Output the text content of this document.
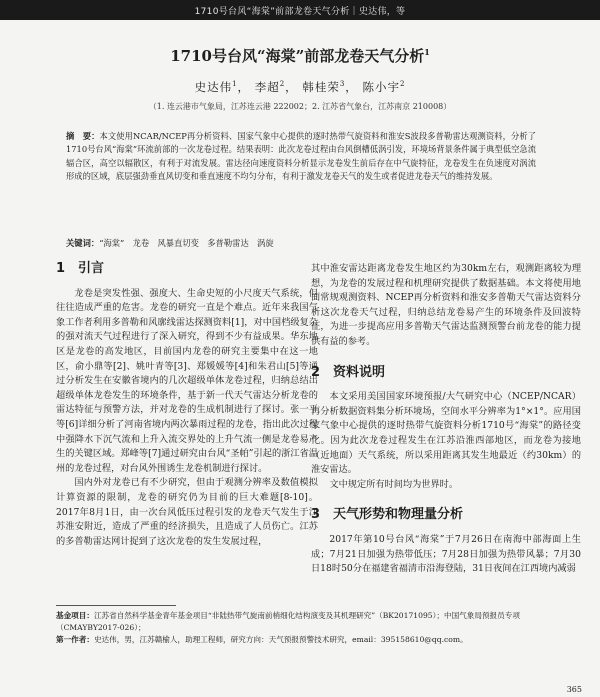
1710号台风“海棠”前部龙卷天气分析｜史达伟，等
1710号台风“海棠”前部龙卷天气分析$^1$
史达伟$^1$， 李超$^2$， 韩桂荣$^3$， 陈小宇$^2$
（1. 连云港市气象局，江苏连云港 222002；2. 江苏省气象台，江苏南京 210008）
摘　要：本文使用NCAR/NCEP再分析资料、国家气象中心提供的逐时热带气旋资料和淮安S波段多普勒雷达观测资料，分析了1710号台风“海棠”环流前部的一次龙卷过程。结果表明：此次龙卷过程由台风倒槽低涡引发，环境场背景条件属于典型低空急流辐合区，高空以辐散区，有利于对流发展。雷达径向速度资料分析显示龙卷发生前后存在中气旋特征，龙卷发生在负速度对涡流形成的区域，底层强劲垂直风切变和垂直速度不均匀分布，有利于激发龙卷天气的发生或者促进龙卷天气的维持发展。
关键词：“海棠”　龙卷　风暴直切变　多普勒雷达　涡旋
1　引言

龙卷是突发性强、强度大、生命史短的小尺度天气系统，但往往造成严重的危害。龙卷的研究一直是个难点。近年来我国气象工作者利用多普勒和风廓线雷达探测资料[1]，对中国档级复杂的强对流天气过程进行了深入研究，得到不少有益成果。华东地区是龙卷的高发地区，目前国内龙卷的研究主要集中在这一地区，俞小鼎等[2]、姚叶青等[3]、郑媛媛等[4]和朱君山[5]等通过分析发生在安徽省境内的几次超级单体龙卷过程，归纳总结出超级单体龙卷发生的环境条件，基于新一代天气雷达分析龙卷的雷达特征与预警方法，并对龙卷的生成机制进行了探讨。张一平等[6]详细分析了河南省境内两次暴雨过程的龙卷，指出此次过程中强降水下沉气流和上升入流交界处的上升气流一侧是龙卷易产生的关键区域。郑峰等[7]通过研究由台风“圣帕”引起的浙江省温州的龙卷过程，对台风外围诱生龙卷机制进行探讨。

国内外对龙卷已有不少研究，但由于观测分辨率及数值模拟计算资源的限制，龙卷的研究仍为目前的巨大难题[8-10]。2017年8月1日，由一次台风低压过程引发的龙卷天气发生于江苏淮安附近，造成了严重的经济损失，且造成了人员伤亡。江苏的多普勒雷达网计捉到了这次龙卷的发生发展过程，

其中淮安雷达距离龙卷发生地区约为30km左右，观测距离较为理想，为龙卷的发展过程和机理研究提供了数据基础。本文将使用地面常规观测资料、NCEP再分析资料和淮安多普勒天气雷达资料分析这次龙卷天气过程，归纳总结龙卷易产生的环境条件及回波特征，为进一步提高应用多普勒天气雷达监测预警台前龙卷的能力提供有益的参考。

2　资料说明

本文采用美国国家环境预报/大气研究中心（NCEP/NCAR）再分析数据资料集分析环境场，空间水平分辨率为1°×1°。应用国家气象中心提供的逐时热带气旋资料分析1710号“海棠”的路径变化。因为此次龙卷过程发生在江苏沿淮西部地区，而龙卷为接地（近地面）天气系统，所以采用距离其发生地最近（约30km）的淮安雷达。

文中规定所有时间均为世界时。

3　天气形势和物理量分析

2017年第10号台风“海棠”于7月26日在南海中部海面上生成；7月21日加强为热带低压；7月28日加强为热带风暴；7月30日18时50分在福建省福清市沿海登陆，31日夜间在江西境内减弱

基金项目：江苏省自然科学基金青年基金项目“非陆热带气旋南前梢细化结构演变及其机理研究”（BK20171095）；中国气象局预报员专项（CMAYBY2017-026）；
第一作者：史达伟，男，江苏赣榆人，助理工程师，研究方向：天气预报预警技术研究，email：395158610@qq.com。
365
